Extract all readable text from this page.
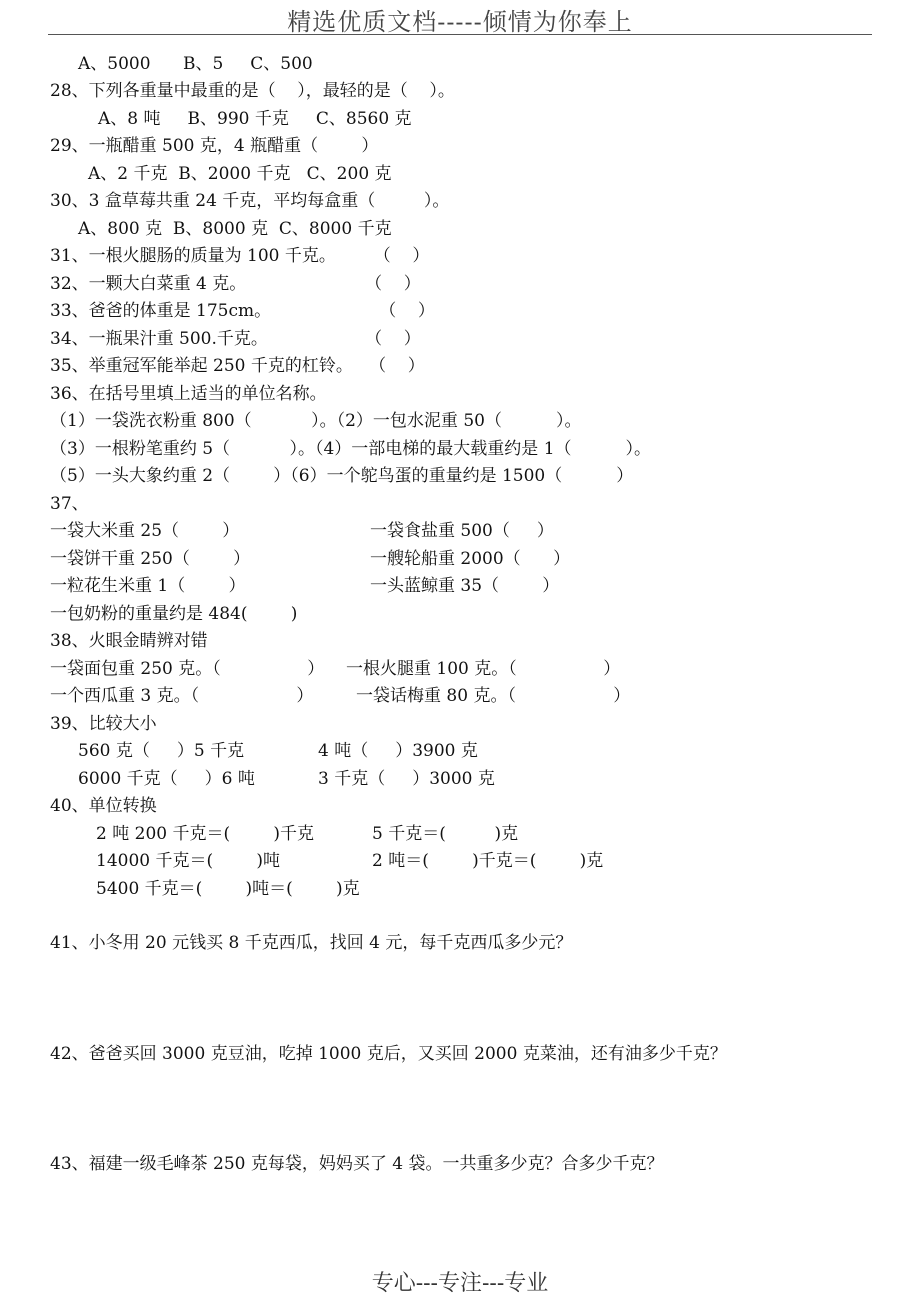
精选优质文档-----倾情为你奉上
A、5000      B、5     C、500
28、下列各重量中最重的是（    ），最轻的是（    ）。
A、8 吨     B、990 千克     C、8560 克
29、一瓶醋重 500 克，4 瓶醋重（        ）
A、2 千克  B、2000 千克   C、200 克
30、3 盒草莓共重 24 千克，平均每盒重（         ）。
A、800 克  B、8000 克  C、8000 千克
31、一根火腿肠的质量为 100 千克。       （    ）
32、一颗大白菜重 4 克。                      （    ）
33、爸爸的体重是 175cm。                    （    ）
34、一瓶果汁重 500.千克。                  （    ）
35、举重冠军能举起 250 千克的杠铃。   （    ）
36、在括号里填上适当的单位名称。
（1）一袋洗衣粉重 800（           ）。（2）一包水泥重 50（          ）。
（3）一根粉笔重约 5（           ）。（4）一部电梯的最大载重约是 1（          ）。
（5）一头大象约重 2（        ）（6）一个鸵鸟蛋的重量约是 1500（          ）
37、
一袋大米重 25（        ）	一袋食盐重 500（     ）
一袋饼干重 250（        ）	一艘轮船重 2000（      ）
一粒花生米重 1（        ）	一头蓝鲸重 35（        ）
一包奶粉的重量约是 484(        )
38、火眼金睛辨对错
一袋面包重 250 克。（                ） 一根火腿重 100 克。（                ）
一个西瓜重 3 克。（                  ）	一袋话梅重 80 克。（                  ）
39、比较大小
560 克（     ）5 千克	4 吨（     ）3900 克
6000 千克（     ）6 吨	3 千克（     ）3000 克
40、单位转换
2 吨 200 千克＝(        )千克	5 千克＝(         )克
14000 千克＝(        )吨	2 吨＝(        )千克＝(        )克
5400 千克＝(        )吨＝(        )克
41、小冬用 20 元钱买 8 千克西瓜，找回 4 元，每千克西瓜多少元？
42、爸爸买回 3000 克豆油，吃掉 1000 克后，又买回 2000 克菜油，还有油多少千克？
43、福建一级毛峰茶 250 克每袋，妈妈买了 4 袋。一共重多少克？合多少千克？
专心---专注---专业
